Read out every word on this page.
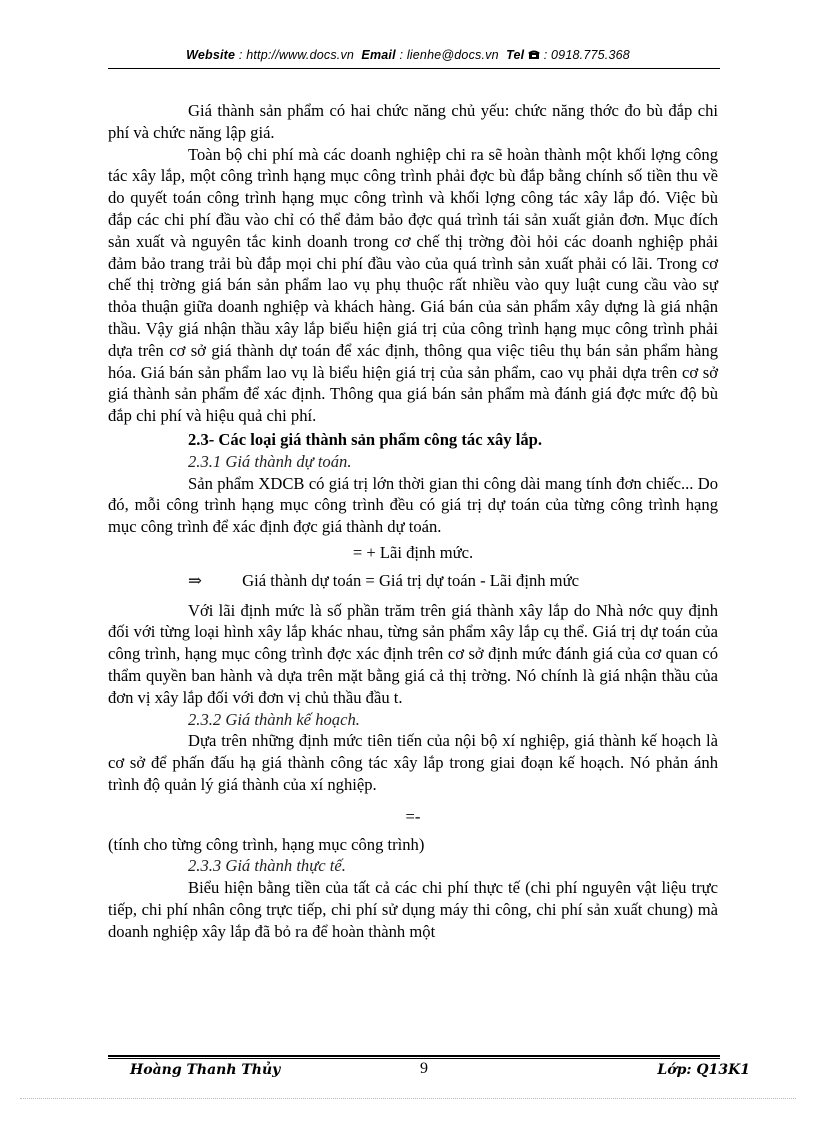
Website : http://www.docs.vn Email : lienhe@docs.vn Tel : 0918.775.368

Giá thành sản phẩm có hai chức năng chủ yếu: chức năng thớc đo bù đắp chi phí và chức năng lập giá.

Toàn bộ chi phí mà các doanh nghiệp chi ra sẽ hoàn thành một khối lợng công tác xây lắp, một công trình hạng mục công trình phải đợc bù đắp bằng chính số tiền thu về do quyết toán công trình hạng mục công trình và khối lợng công tác xây lắp đó. Việc bù đắp các chi phí đầu vào chỉ có thể đảm bảo đợc quá trình tái sản xuất giản đơn. Mục đích sản xuất và nguyên tắc kinh doanh trong cơ chế thị trờng đòi hỏi các doanh nghiệp phải đảm bảo trang trải bù đắp mọi chi phí đầu vào của quá trình sản xuất phải có lãi. Trong cơ chế thị trờng giá bán sản phẩm lao vụ phụ thuộc rất nhiều vào quy luật cung cầu vào sự thỏa thuận giữa doanh nghiệp và khách hàng. Giá bán của sản phẩm xây dựng là giá nhận thầu. Vậy giá nhận thầu xây lắp biểu hiện giá trị của công trình hạng mục công trình phải dựa trên cơ sở giá thành dự toán để xác định, thông qua việc tiêu thụ bán sản phẩm hàng hóa. Giá bán sản phẩm lao vụ là biểu hiện giá trị của sản phẩm, cao vụ phải dựa trên cơ sở giá thành sản phẩm để xác định. Thông qua giá bán sản phẩm mà đánh giá đợc mức độ bù đắp chi phí và hiệu quả chi phí.

2.3- Các loại giá thành sản phẩm công tác xây lắp.
2.3.1 Giá thành dự toán.

Sản phẩm XDCB có giá trị lớn thời gian thi công dài mang tính đơn chiếc... Do đó, mỗi công trình hạng mục công trình đều có giá trị dự toán của từng công trình hạng mục công trình để xác định đợc giá thành dự toán.

= + Lãi định mức.
⇒ Giá thành dự toán = Giá trị dự toán - Lãi định mức

Với lãi định mức là số phần trăm trên giá thành xây lắp do Nhà nớc quy định đối với từng loại hình xây lắp khác nhau, từng sản phẩm xây lắp cụ thể. Giá trị dự toán của công trình, hạng mục công trình đợc xác định trên cơ sở định mức đánh giá của cơ quan có thẩm quyền ban hành và dựa trên mặt bằng giá cả thị trờng. Nó chính là giá nhận thầu của đơn vị xây lắp đối với đơn vị chủ thầu đầu t.

2.3.2 Giá thành kế hoạch.

Dựa trên những định mức tiên tiến của nội bộ xí nghiệp, giá thành kế hoạch là cơ sở để phấn đấu hạ giá thành công tác xây lắp trong giai đoạn kế hoạch. Nó phản ánh trình độ quản lý giá thành của xí nghiệp.

=-

(tính cho từng công trình, hạng mục công trình)

2.3.3 Giá thành thực tế.

Biểu hiện bằng tiền của tất cả các chi phí thực tế (chi phí nguyên vật liệu trực tiếp, chi phí nhân công trực tiếp, chi phí sử dụng máy thi công, chi phí sản xuất chung) mà doanh nghiệp xây lắp đã bỏ ra để hoàn thành một

Hoàng Thanh Thủy	9	Lớp: Q13K1
